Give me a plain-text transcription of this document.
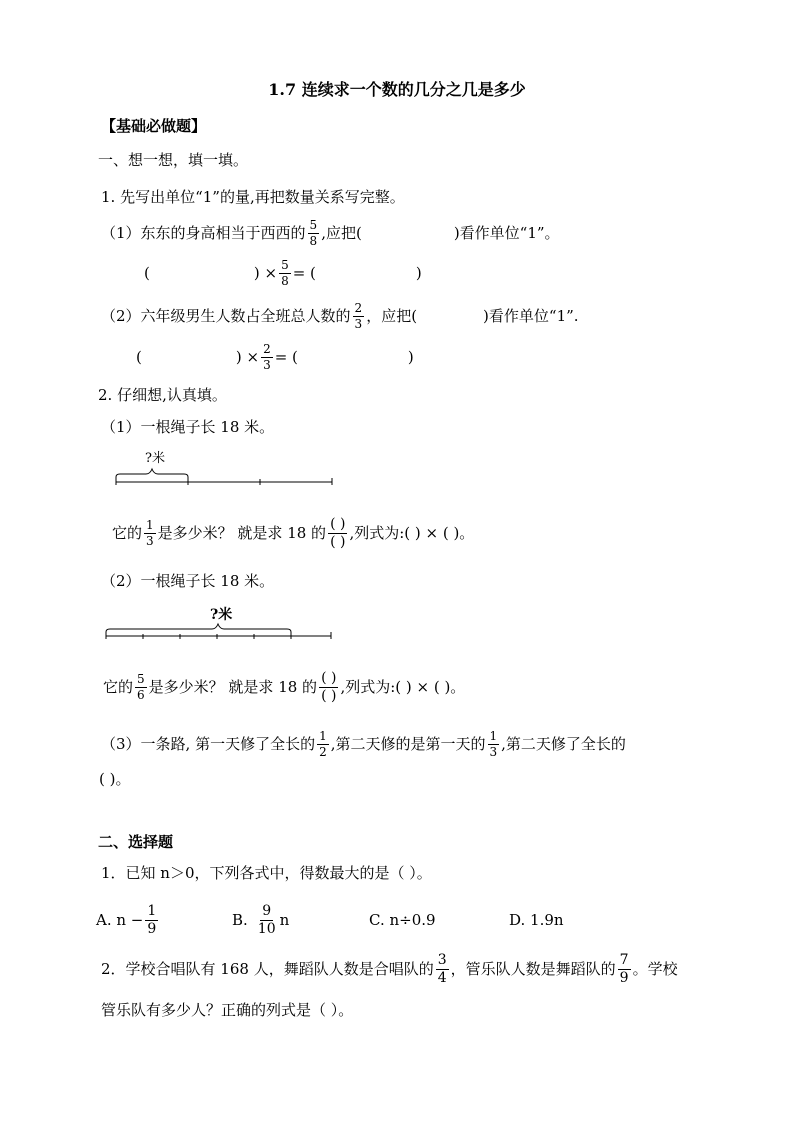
1.7 连续求一个数的几分之几是多少
【基础必做题】
一、想一想，填一填。
1. 先写出单位“1”的量,再把数量关系写完整。
（1）东东的身高相当于西西的 $\frac{5}{8}$ ,应把(	)看作单位“1”。
(	) × $\frac{5}{8}$ = (	)
（2）六年级男生人数占全班总人数的 $\frac{2}{3}$ ，应把(	)看作单位“1”.
(	) × $\frac{2}{3}$ = (	)
2. 仔细想,认真填。
（1）一根绳子长 18 米。
?米
它的 $\frac{1}{3}$ 是多少米？ 就是求 18 的 $\frac{( )}{( )}$ ,列式为:( ) × ( )。
（2）一根绳子长 18 米。
?米
它的 $\frac{5}{6}$ 是多少米？ 就是求 18 的 $\frac{( )}{( )}$ ,列式为:( ) × ( )。
（3）一条路, 第一天修了全长的 $\frac{1}{2}$ ,第二天修的是第一天的 $\frac{1}{3}$ ,第二天修了全长的
( )。
二、选择题
1．已知 n＞0，下列各式中，得数最大的是（ ）。
A. $n - \frac{1}{9}$	B. $\frac{9}{10}$ n	C. n÷0.9	D. 1.9n
2．学校合唱队有 168 人，舞蹈队人数是合唱队的 $\frac{3}{4}$ ，管乐队人数是舞蹈队的 $\frac{7}{9}$ 。学校
管乐队有多少人？正确的列式是（ ）。
